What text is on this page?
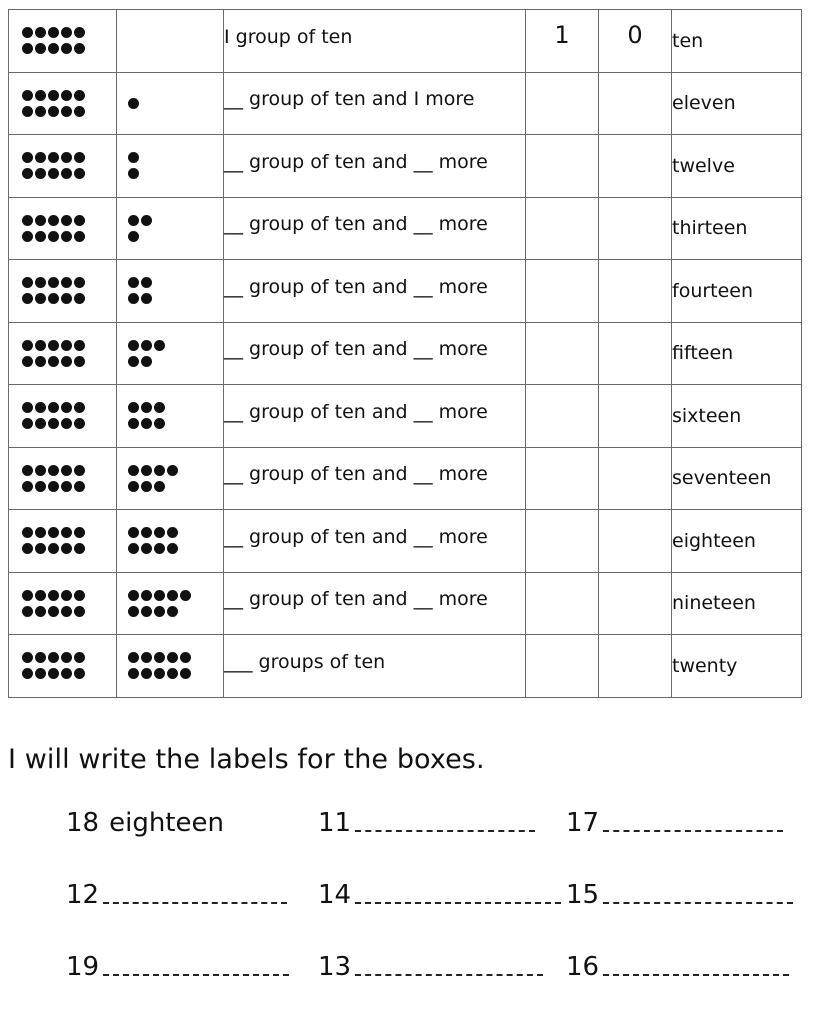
		I group of ten	1	0	ten

	__ group of ten and I more			eleven

	__ group of ten and __ more			twelve

	__ group of ten and __ more			thirteen

	__ group of ten and __ more			fourteen

	__ group of ten and __ more			fifteen

	__ group of ten and __ more			sixteen

	__ group of ten and __ more			seventeen

	__ group of ten and __ more			eighteen

	__ group of ten and __ more			nineteen

	___ groups of ten			twenty
I will write the labels for the boxes.
18 eighteen	11	17
12	14	15
19	13	16
